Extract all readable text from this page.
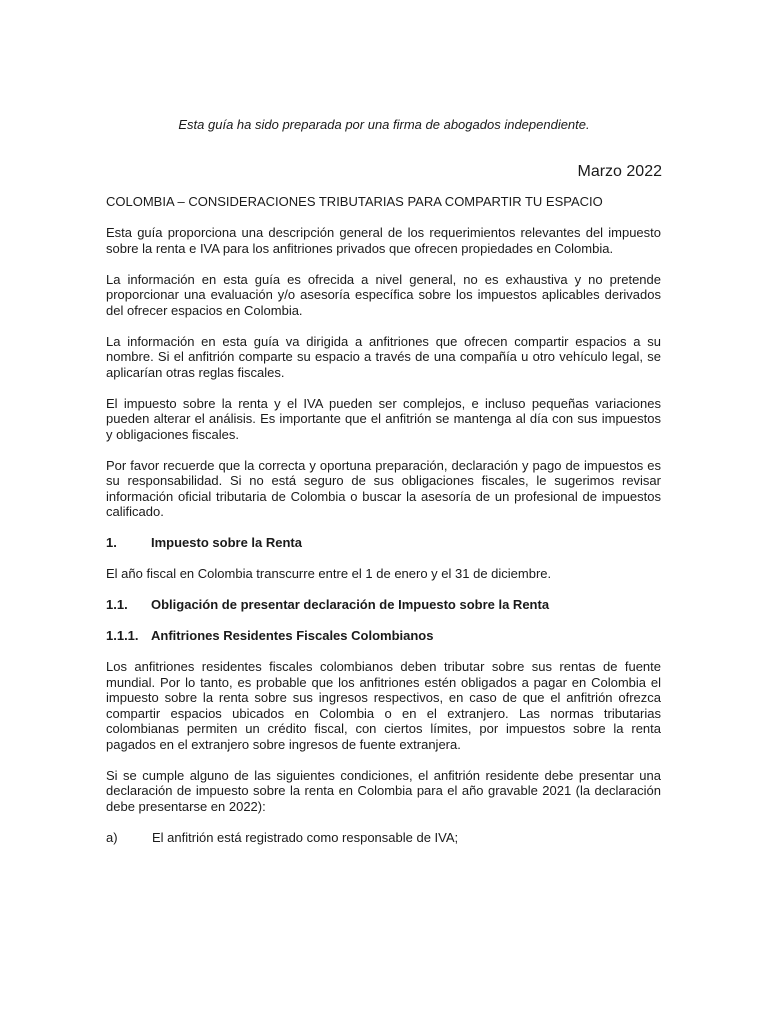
Esta guía ha sido preparada por una firma de abogados independiente.
Marzo 2022

COLOMBIA – CONSIDERACIONES TRIBUTARIAS PARA COMPARTIR TU ESPACIO

Esta guía proporciona una descripción general de los requerimientos relevantes del impuesto sobre la renta e IVA para los anfitriones privados que ofrecen propiedades en Colombia.

La información en esta guía es ofrecida a nivel general, no es exhaustiva y no pretende proporcionar una evaluación y/o asesoría específica sobre los impuestos aplicables derivados del ofrecer espacios en Colombia.

La información en esta guía va dirigida a anfitriones que ofrecen compartir espacios a su nombre. Si el anfitrión comparte su espacio a través de una compañía u otro vehículo legal, se aplicarían otras reglas fiscales.

El impuesto sobre la renta y el IVA pueden ser complejos, e incluso pequeñas variaciones pueden alterar el análisis. Es importante que el anfitrión se mantenga al día con sus impuestos y obligaciones fiscales.

Por favor recuerde que la correcta y oportuna preparación, declaración y pago de impuestos es su responsabilidad. Si no está seguro de sus obligaciones fiscales, le sugerimos revisar información oficial tributaria de Colombia o buscar la asesoría de un profesional de impuestos calificado.

1.	Impuesto sobre la Renta

El año fiscal en Colombia transcurre entre el 1 de enero y el 31 de diciembre.

1.1.	Obligación de presentar declaración de Impuesto sobre la Renta
1.1.1. Anfitriones Residentes Fiscales Colombianos

Los anfitriones residentes fiscales colombianos deben tributar sobre sus rentas de fuente mundial. Por lo tanto, es probable que los anfitriones estén obligados a pagar en Colombia el impuesto sobre la renta sobre sus ingresos respectivos, en caso de que el anfitrión ofrezca compartir espacios ubicados en Colombia o en el extranjero. Las normas tributarias colombianas permiten un crédito fiscal, con ciertos límites, por impuestos sobre la renta pagados en el extranjero sobre ingresos de fuente extranjera.

Si se cumple alguno de las siguientes condiciones, el anfitrión residente debe presentar una declaración de impuesto sobre la renta en Colombia para el año gravable 2021 (la declaración debe presentarse en 2022):

a)	El anfitrión está registrado como responsable de IVA;
